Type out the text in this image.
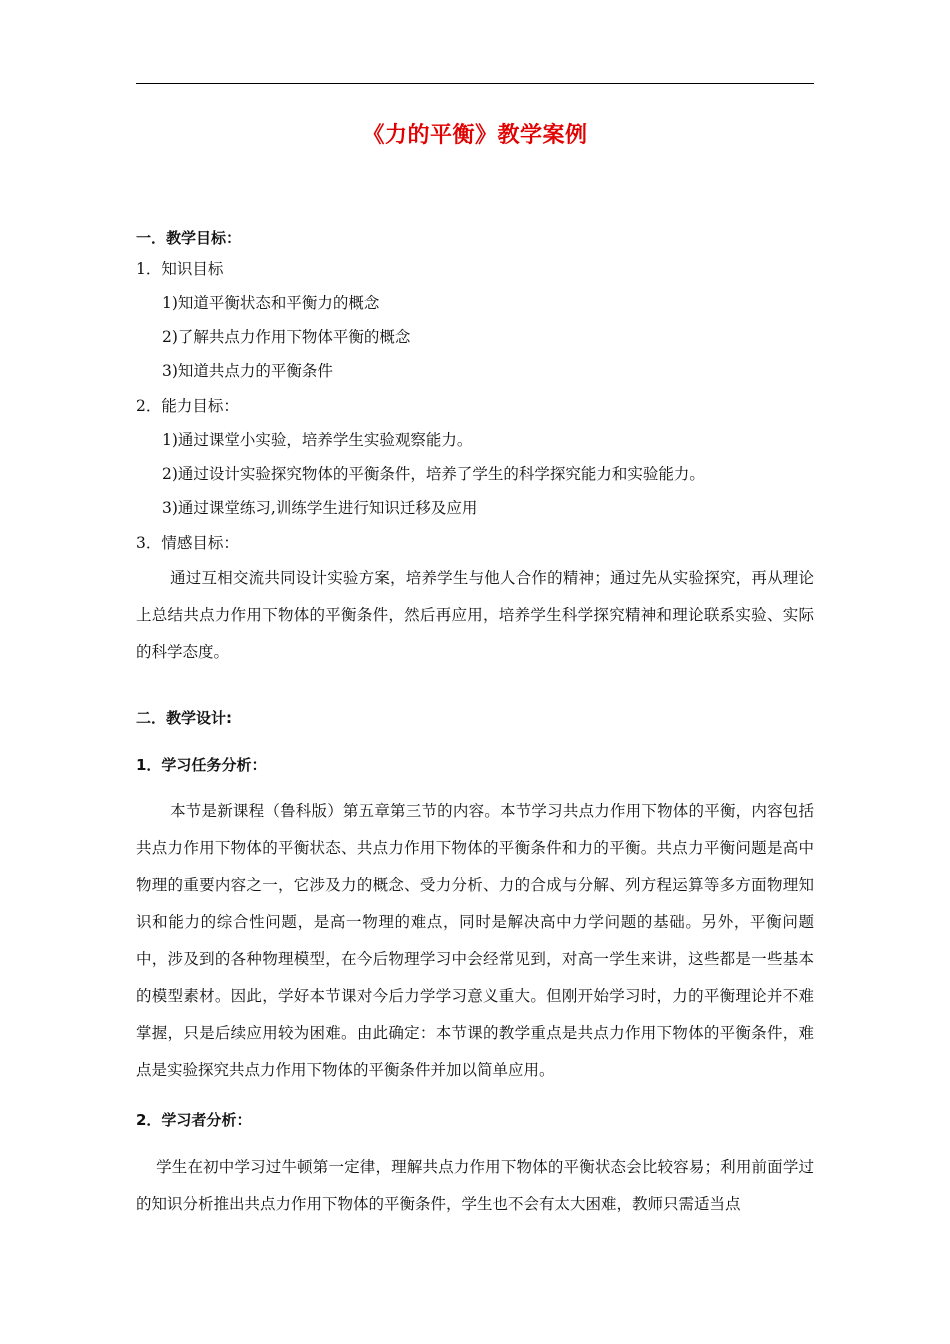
《力的平衡》教学案例
一．教学目标：
1．知识目标
1)知道平衡状态和平衡力的概念
2)了解共点力作用下物体平衡的概念
3)知道共点力的平衡条件
2．能力目标：
1)通过课堂小实验，培养学生实验观察能力。
2)通过设计实验探究物体的平衡条件，培养了学生的科学探究能力和实验能力。
3)通过课堂练习,训练学生进行知识迁移及应用
3．情感目标：
通过互相交流共同设计实验方案，培养学生与他人合作的精神；通过先从实验探究，再从理论上总结共点力作用下物体的平衡条件，然后再应用，培养学生科学探究精神和理论联系实验、实际的科学态度。
二．教学设计:
1．学习任务分析：
本节是新课程（鲁科版）第五章第三节的内容。本节学习共点力作用下物体的平衡，内容包括共点力作用下物体的平衡状态、共点力作用下物体的平衡条件和力的平衡。共点力平衡问题是高中物理的重要内容之一，它涉及力的概念、受力分析、力的合成与分解、列方程运算等多方面物理知识和能力的综合性问题，是高一物理的难点，同时是解决高中力学问题的基础。另外，平衡问题中，涉及到的各种物理模型，在今后物理学习中会经常见到，对高一学生来讲，这些都是一些基本的模型素材。因此，学好本节课对今后力学学习意义重大。但刚开始学习时，力的平衡理论并不难掌握，只是后续应用较为困难。由此确定：本节课的教学重点是共点力作用下物体的平衡条件，难点是实验探究共点力作用下物体的平衡条件并加以简单应用。
2．学习者分析：
学生在初中学习过牛顿第一定律，理解共点力作用下物体的平衡状态会比较容易；利用前面学过的知识分析推出共点力作用下物体的平衡条件，学生也不会有太大困难，教师只需适当点
